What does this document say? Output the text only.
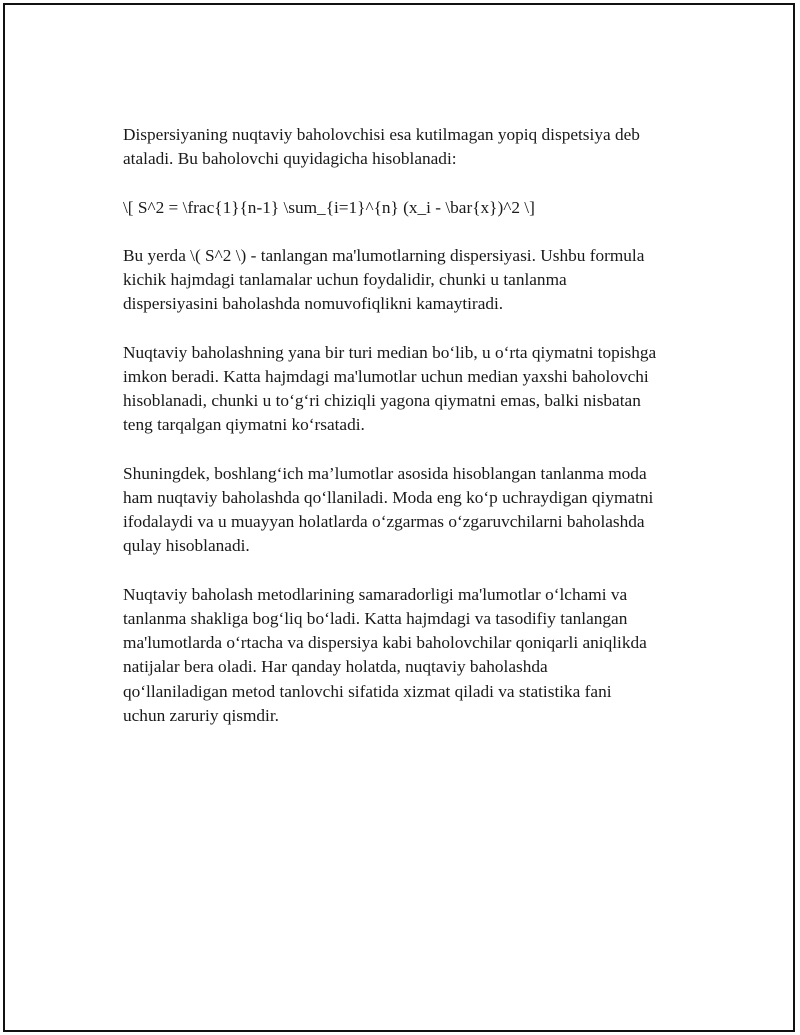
Dispersiyaning nuqtaviy baholovchisi esa kutilmagan yopiq dispetsiya deb
ataladi. Bu baholovchi quyidagicha hisoblanadi:

\[ S^2 = \frac{1}{n-1} \sum_{i=1}^{n} (x_i - \bar{x})^2 \]

Bu yerda \( S^2 \) - tanlangan ma'lumotlarning dispersiyasi. Ushbu formula
kichik hajmdagi tanlamalar uchun foydalidir, chunki u tanlanma
dispersiyasini baholashda nomuvofiqlikni kamaytiradi.

Nuqtaviy baholashning yana bir turi median bo‘lib, u o‘rta qiymatni topishga
imkon beradi. Katta hajmdagi ma'lumotlar uchun median yaxshi baholovchi
hisoblanadi, chunki u to‘g‘ri chiziqli yagona qiymatni emas, balki nisbatan
teng tarqalgan qiymatni ko‘rsatadi.

Shuningdek, boshlang‘ich ma’lumotlar asosida hisoblangan tanlanma moda
ham nuqtaviy baholashda qo‘llaniladi. Moda eng ko‘p uchraydigan qiymatni
ifodalaydi va u muayyan holatlarda o‘zgarmas o‘zgaruvchilarni baholashda
qulay hisoblanadi.

Nuqtaviy baholash metodlarining samaradorligi ma'lumotlar o‘lchami va
tanlanma shakliga bog‘liq bo‘ladi. Katta hajmdagi va tasodifiy tanlangan
ma'lumotlarda o‘rtacha va dispersiya kabi baholovchilar qoniqarli aniqlikda
natijalar bera oladi. Har qanday holatda, nuqtaviy baholashda
qo‘llaniladigan metod tanlovchi sifatida xizmat qiladi va statistika fani
uchun zaruriy qismdir.
